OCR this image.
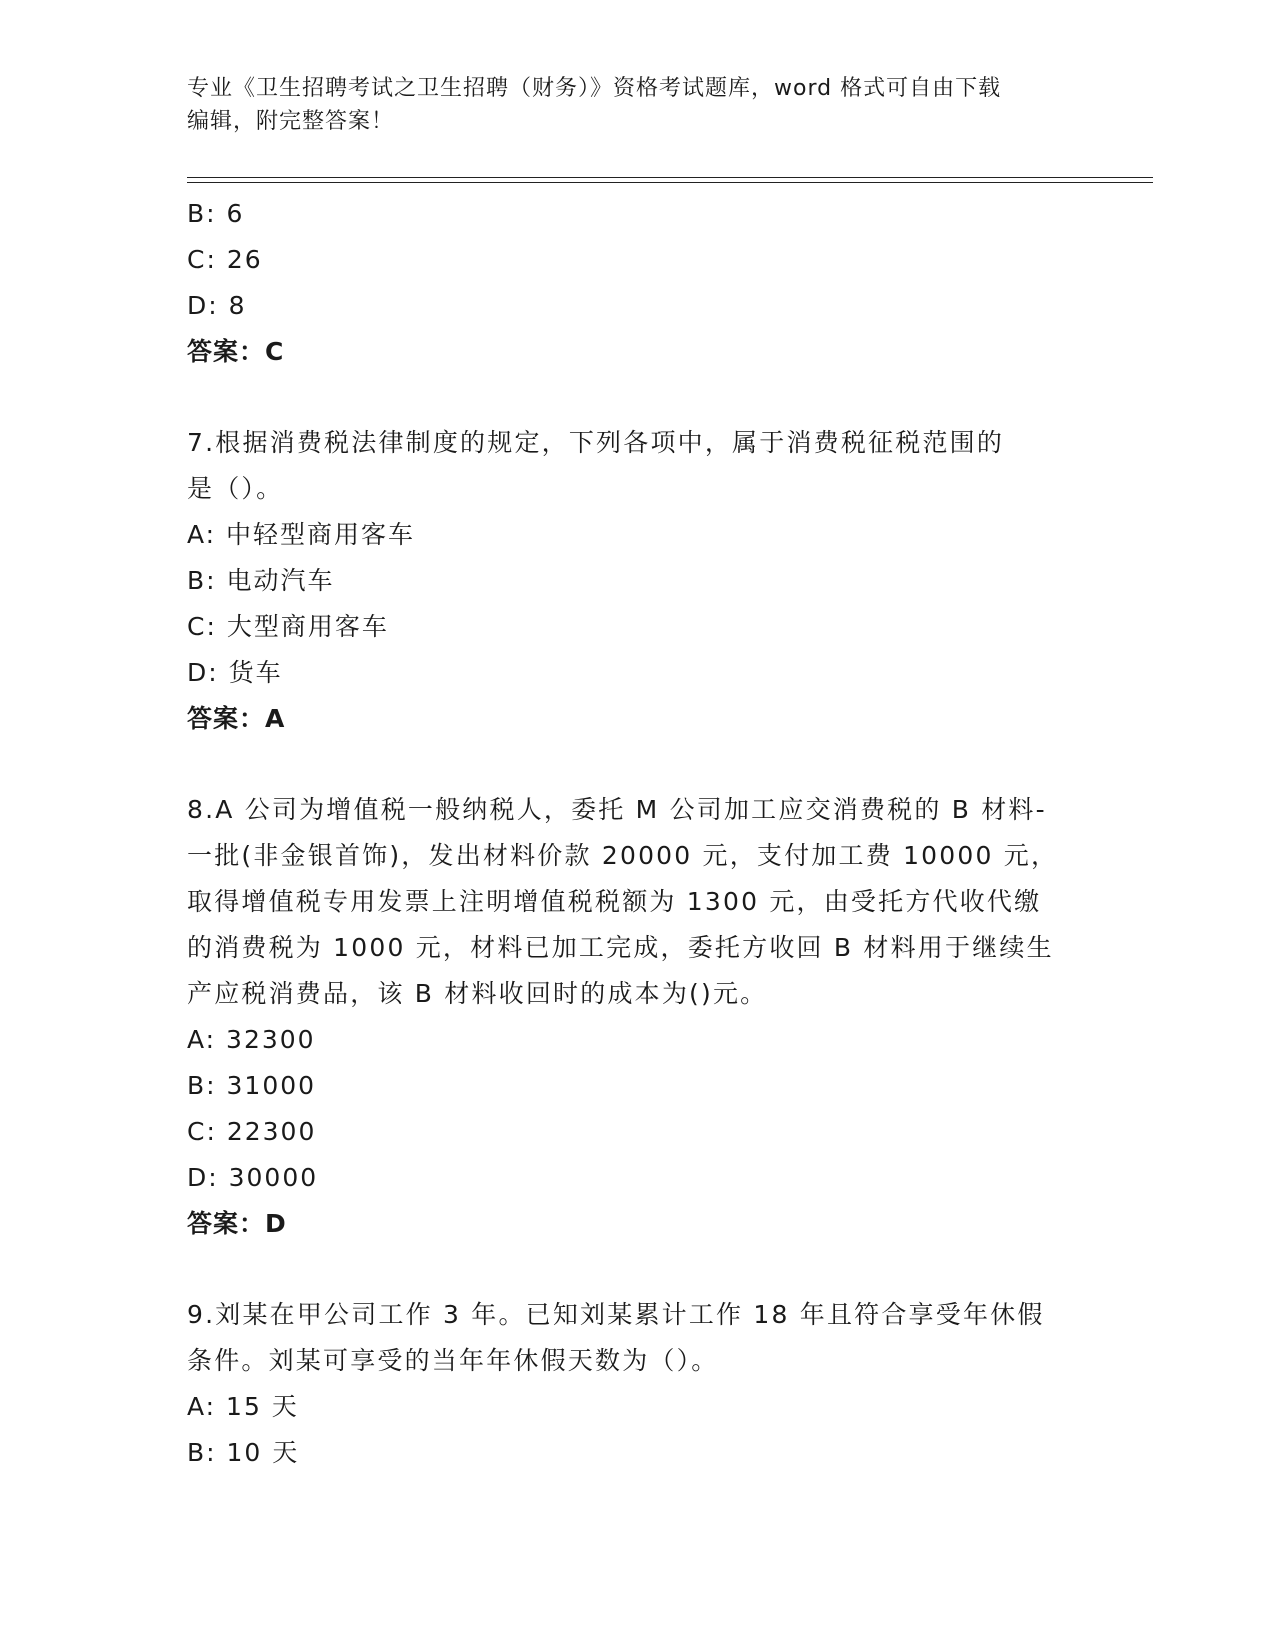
专业《卫生招聘考试之卫生招聘（财务）》资格考试题库，word 格式可自由下载
编辑，附完整答案！
B: 6
C: 26
D: 8
答案：C
7.根据消费税法律制度的规定，下列各项中，属于消费税征税范围的
是（）。
A: 中轻型商用客车
B: 电动汽车
C: 大型商用客车
D: 货车
答案：A
8.A 公司为增值税一般纳税人，委托 M 公司加工应交消费税的 B 材料-
一批(非金银首饰)，发出材料价款 20000 元，支付加工费 10000 元，
取得增值税专用发票上注明增值税税额为 1300 元，由受托方代收代缴
的消费税为 1000 元，材料已加工完成，委托方收回 B 材料用于继续生
产应税消费品，该 B 材料收回时的成本为()元。
A: 32300
B: 31000
C: 22300
D: 30000
答案：D
9.刘某在甲公司工作 3 年。已知刘某累计工作 18 年且符合享受年休假
条件。刘某可享受的当年年休假天数为（）。
A: 15 天
B: 10 天
